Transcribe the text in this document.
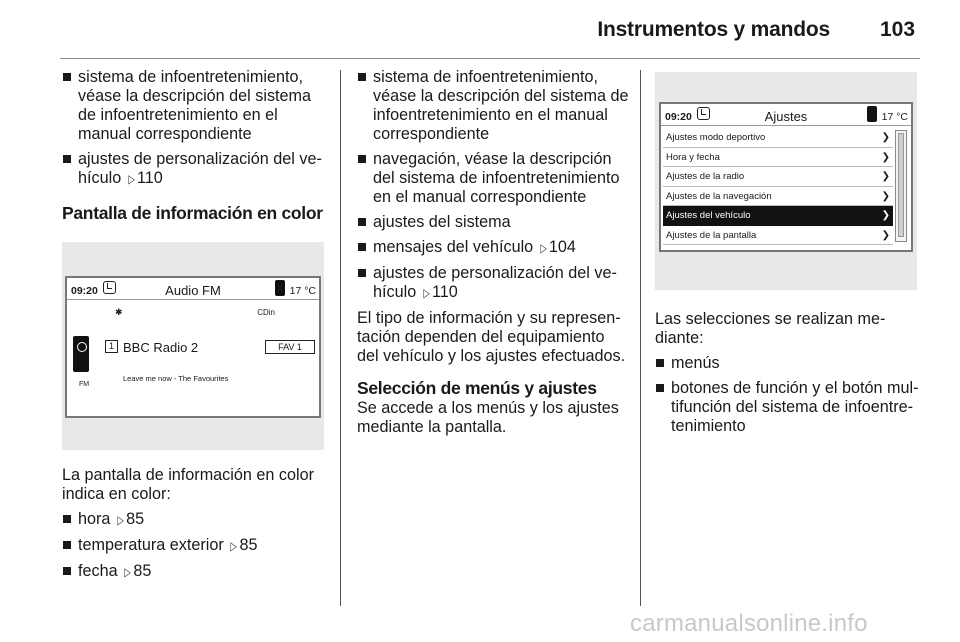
Instrumentos y mandos 103
sistema de infoentretenimiento, véase la descripción del sistema de infoentretenimiento en el manual correspondiente
ajustes de personalización del ve-hículo ▷ 110
Pantalla de información en color
09:20	Audio FM	17 °C
✱	CDin
FM
1 BBC Radio 2	FAV 1
Leave me now - The Favourites
La pantalla de información en color indica en color:
hora ▷ 85
temperatura exterior ▷ 85
fecha ▷ 85
sistema de infoentretenimiento, véase la descripción del sistema de infoentretenimiento en el manual correspondiente
navegación, véase la descripción del sistema de infoentretenimiento en el manual correspondiente
ajustes del sistema
mensajes del vehículo ▷ 104
ajustes de personalización del ve-hículo ▷ 110
El tipo de información y su represen-tación dependen del equipamiento del vehículo y los ajustes efectuados.
Selección de menús y ajustes
Se accede a los menús y los ajustes mediante la pantalla.
09:20	Ajustes	17 °C
Ajustes modo deportivo	❯
Hora y fecha	❯
Ajustes de la radio	❯
Ajustes de la navegación	❯
Ajustes del vehículo	❯
Ajustes de la pantalla	❯
Las selecciones se realizan me-diante:
menús
botones de función y el botón mul-tifunción del sistema de infoentre-tenimiento
carmanualsonline.info
